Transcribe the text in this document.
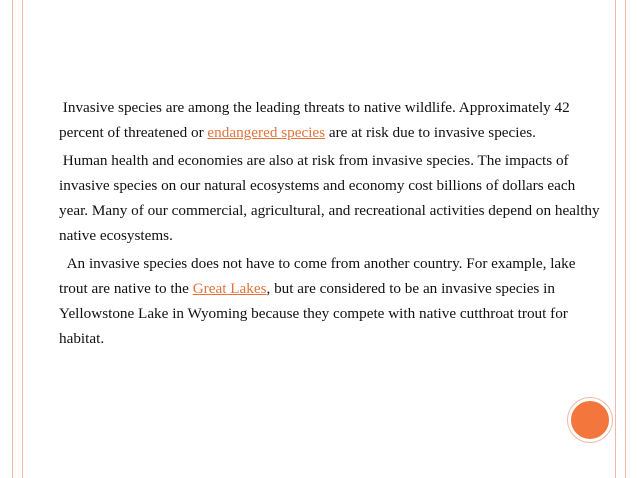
Invasive species are among the leading threats to native wildlife. Approximately 42 percent of threatened or endangered species are at risk due to invasive species.

Human health and economies are also at risk from invasive species. The impacts of invasive species on our natural ecosystems and economy cost billions of dollars each year. Many of our commercial, agricultural, and recreational activities depend on healthy native ecosystems.

An invasive species does not have to come from another country. For example, lake trout are native to the Great Lakes, but are considered to be an invasive species in Yellowstone Lake in Wyoming because they compete with native cutthroat trout for habitat.
